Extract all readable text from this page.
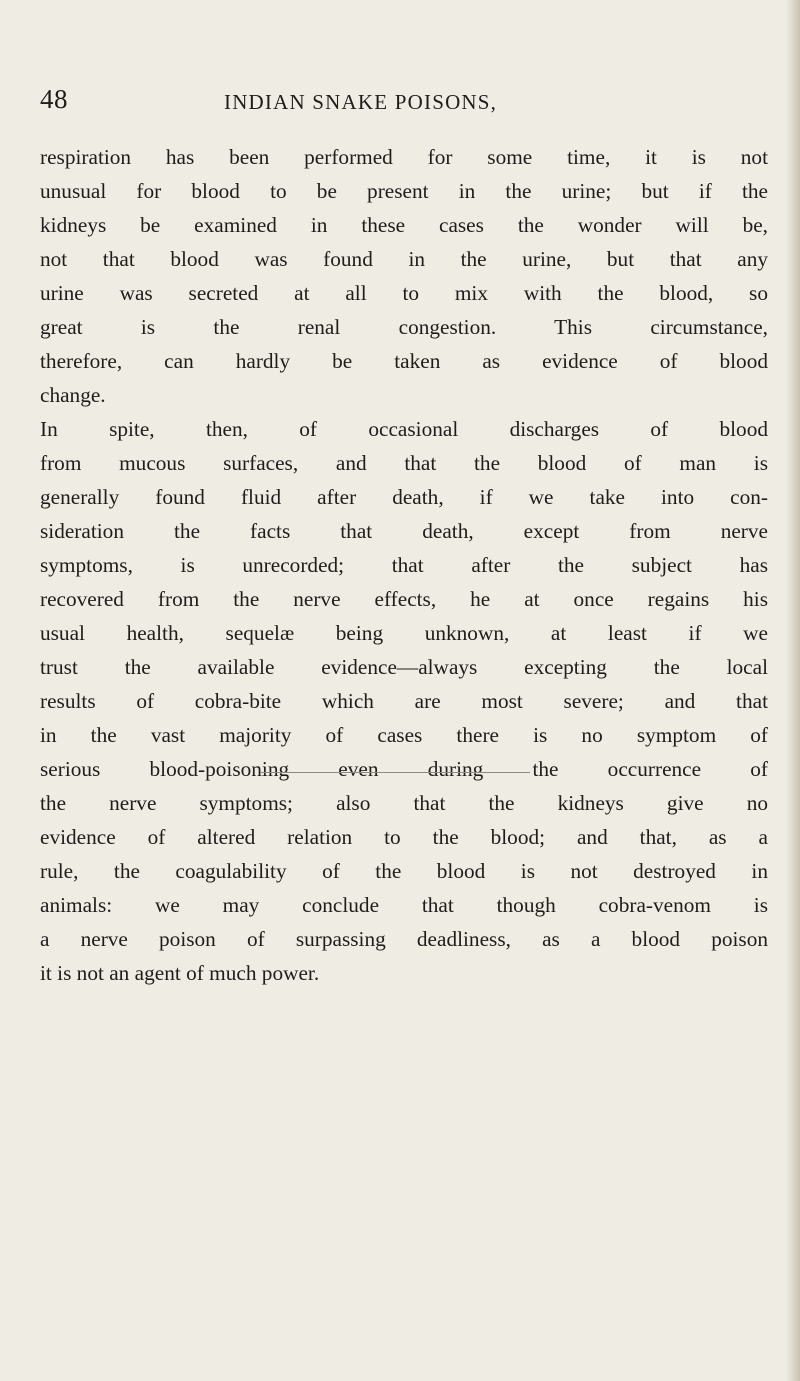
48	INDIAN SNAKE POISONS,
respiration has been performed for some time, it is not
unusual for blood to be present in the urine; but if the
kidneys be examined in these cases the wonder will be,
not that blood was found in the urine, but that any
urine was secreted at all to mix with the blood, so
great is the renal congestion. This circumstance,
therefore, can hardly be taken as evidence of blood
change.
In spite, then, of occasional discharges of blood
from mucous surfaces, and that the blood of man is
generally found fluid after death, if we take into con-
sideration the facts that death, except from nerve
symptoms, is unrecorded; that after the subject has
recovered from the nerve effects, he at once regains his
usual health, sequelæ being unknown, at least if we
trust the available evidence—always excepting the local
results of cobra-bite which are most severe; and that
in the vast majority of cases there is no symptom of
serious blood-poisoning even during the occurrence of
the nerve symptoms; also that the kidneys give no
evidence of altered relation to the blood; and that, as a
rule, the coagulability of the blood is not destroyed in
animals: we may conclude that though cobra-venom is
a nerve poison of surpassing deadliness, as a blood poison
it is not an agent of much power.
